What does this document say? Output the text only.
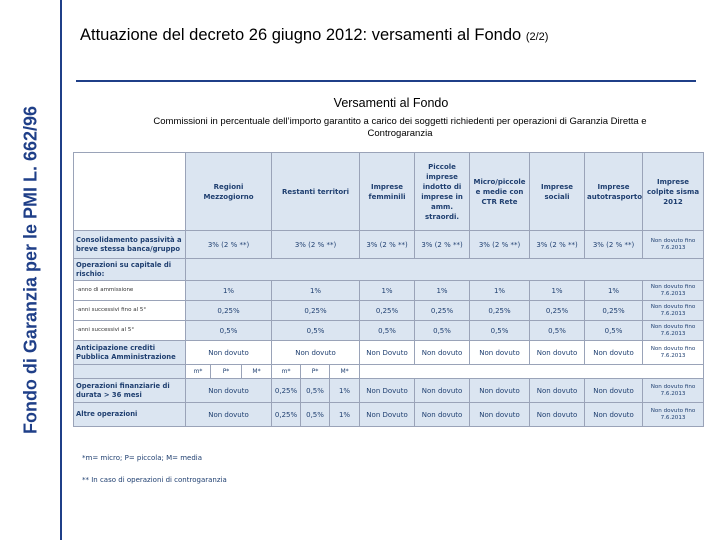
Fondo di Garanzia per le PMI L. 662/96
Attuazione del decreto 26 giugno 2012: versamenti al Fondo (2/2)
Versamenti al Fondo
Commissioni in percentuale dell’importo garantito a carico dei soggetti richiedenti per operazioni di Garanzia Diretta e Controgaranzia
	Regioni Mezzogiorno			Restanti territori			Imprese femminili	Piccole imprese indotto di imprese in amm. straordi.	Micro/piccole e medie con CTR Rete	Imprese sociali	Imprese autotrasporto	Imprese colpite sisma 2012
Consolidamento passività a breve stessa banca/gruppo	3% (2 % **)			3% (2 % **)			3% (2 % **)	3% (2 % **)	3% (2 % **)	3% (2 % **)	3% (2 % **)	Non dovuto fino 7.6.2013
Operazioni su capitale di rischio:												
-anno di ammissione	1%			1%			1%	1%	1%	1%	1%	Non dovuto fino 7.6.2013
-anni successivi fino al 5°	0,25%			0,25%			0,25%	0,25%	0,25%	0,25%	0,25%	Non dovuto fino 7.6.2013
-anni successivi al 5°	0,5%			0,5%			0,5%	0,5%	0,5%	0,5%	0,5%	Non dovuto fino 7.6.2013
Anticipazione crediti Pubblica Amministrazione	Non dovuto			Non dovuto			Non Dovuto	Non dovuto	Non dovuto	Non dovuto	Non dovuto	Non dovuto fino 7.6.2013
	m*	P*	M*	m*	P*	M*						
Operazioni finanziarie di durata > 36 mesi	Non dovuto			0,25%	0,5%	1%	Non Dovuto	Non dovuto	Non dovuto	Non dovuto	Non dovuto	Non dovuto fino 7.6.2013
Altre operazioni	Non dovuto			0,25%	0,5%	1%	Non Dovuto	Non dovuto	Non dovuto	Non dovuto	Non dovuto	Non dovuto fino 7.6.2013
*m= micro; P= piccola; M= media
** In caso di operazioni di controgaranzia
